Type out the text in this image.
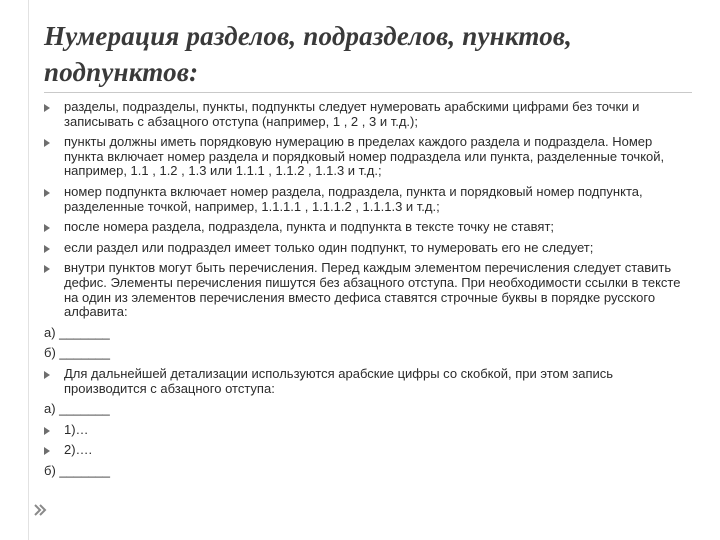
Нумерация разделов, подразделов, пунктов,
подпунктов:
разделы, подразделы, пункты, подпункты следует нумеровать арабскими цифрами без точки и записывать с абзацного отступа (например, 1 , 2 , 3 и т.д.);
пункты должны иметь порядковую нумерацию в пределах каждого раздела и подраздела. Номер пункта включает номер раздела и порядковый номер подраздела или пункта, разделенные точкой, например, 1.1 , 1.2 , 1.3 или 1.1.1 , 1.1.2 , 1.1.3 и т.д.;
номер подпункта включает номер раздела, подраздела, пункта и порядковый номер подпункта, разделенные точкой, например, 1.1.1.1 , 1.1.1.2 , 1.1.1.3 и т.д.;
после номера раздела, подраздела, пункта и подпункта в тексте точку не ставят;
если раздел или подраздел имеет только один подпункт, то нумеровать его не следует;
внутри пунктов могут быть перечисления. Перед каждым элементом перечисления следует ставить дефис. Элементы перечисления пишутся без абзацного отступа. При необходимости ссылки в тексте на один из элементов перечисления вместо дефиса ставятся строчные буквы в порядке русского алфавита:
а) _______
б) _______
Для дальнейшей детализации используются арабские цифры со скобкой, при этом запись производится с абзацного отступа:
а) _______
1)…
2)….
б) _______
